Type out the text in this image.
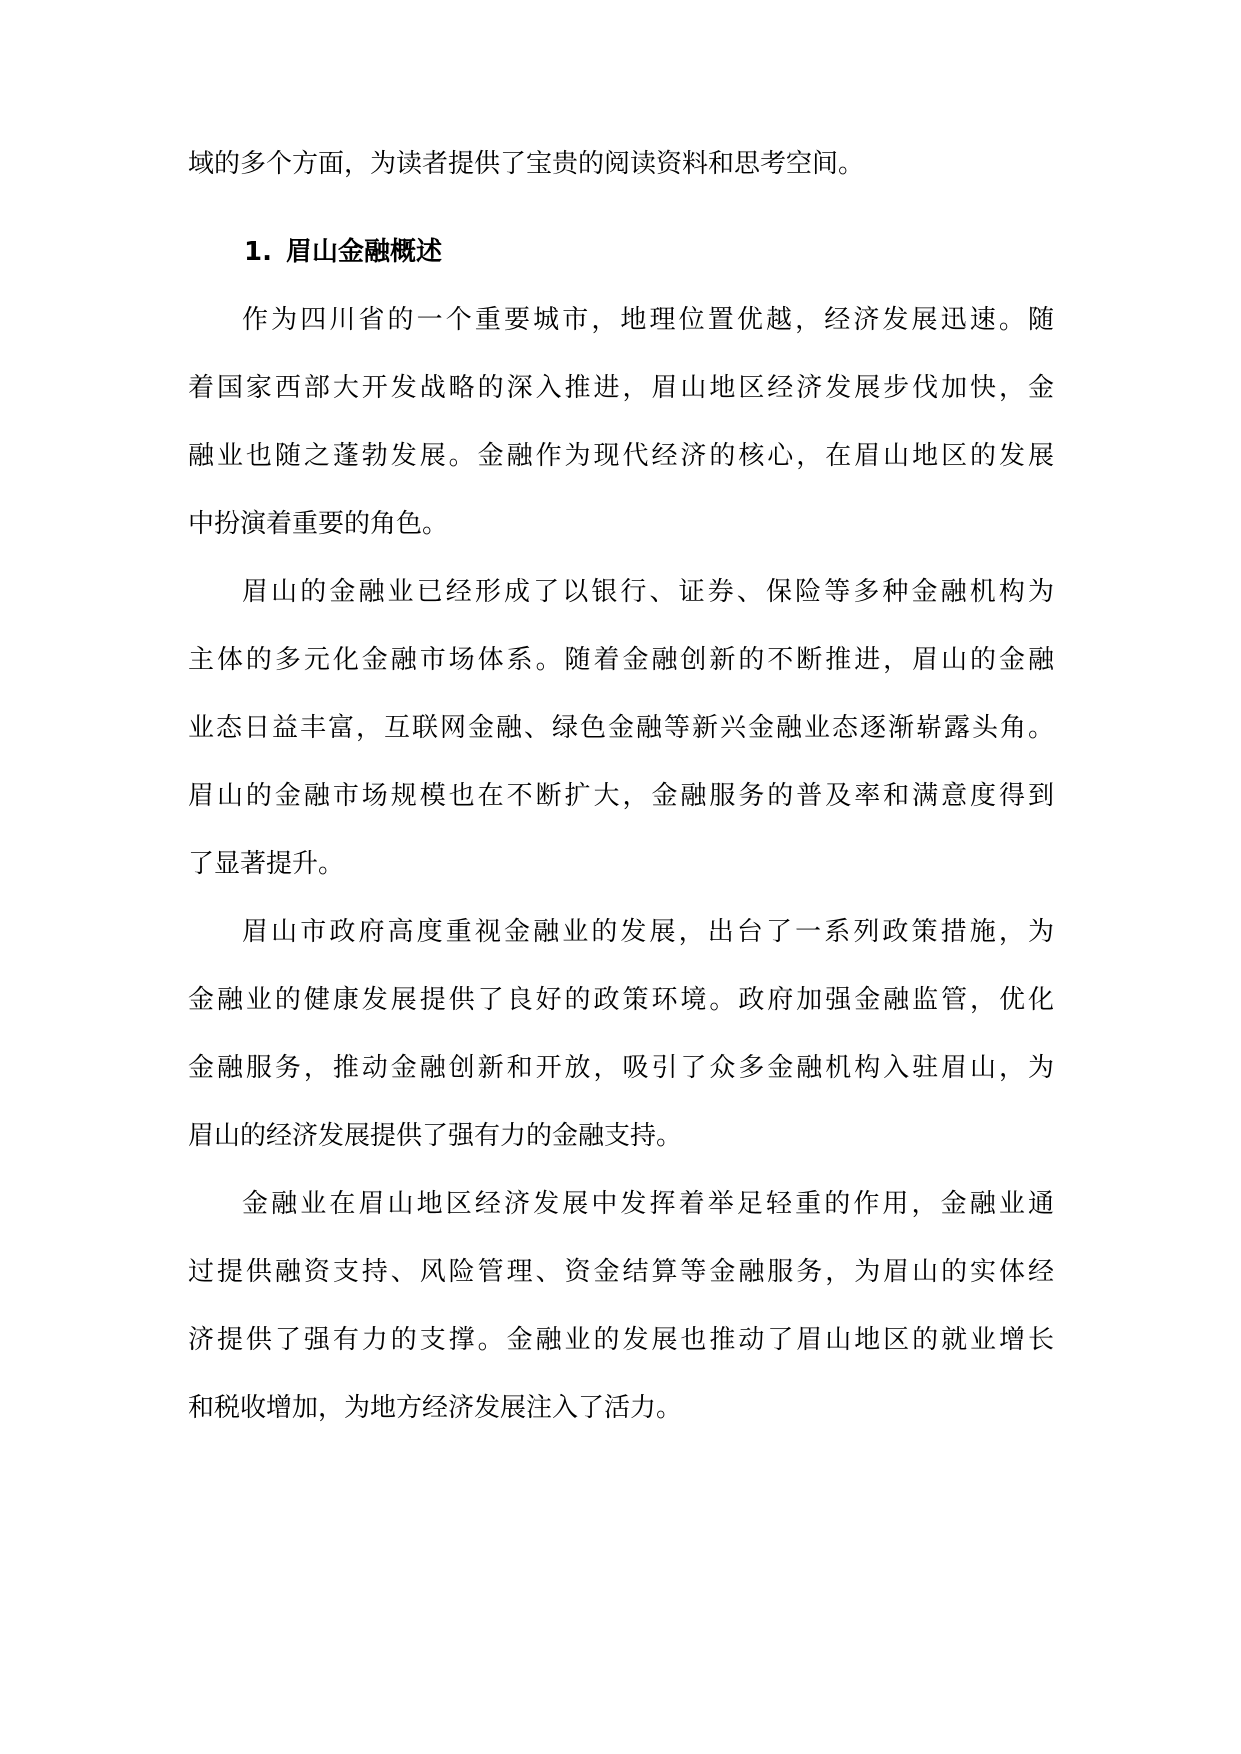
域的多个方面，为读者提供了宝贵的阅读资料和思考空间。
1. 眉山金融概述
作为四川省的一个重要城市，地理位置优越，经济发展迅速。随
着国家西部大开发战略的深入推进，眉山地区经济发展步伐加快，金
融业也随之蓬勃发展。金融作为现代经济的核心，在眉山地区的发展
中扮演着重要的角色。
眉山的金融业已经形成了以银行、证券、保险等多种金融机构为
主体的多元化金融市场体系。随着金融创新的不断推进，眉山的金融
业态日益丰富，互联网金融、绿色金融等新兴金融业态逐渐崭露头角。
眉山的金融市场规模也在不断扩大，金融服务的普及率和满意度得到
了显著提升。
眉山市政府高度重视金融业的发展，出台了一系列政策措施，为
金融业的健康发展提供了良好的政策环境。政府加强金融监管，优化
金融服务，推动金融创新和开放，吸引了众多金融机构入驻眉山，为
眉山的经济发展提供了强有力的金融支持。
金融业在眉山地区经济发展中发挥着举足轻重的作用，金融业通
过提供融资支持、风险管理、资金结算等金融服务，为眉山的实体经
济提供了强有力的支撑。金融业的发展也推动了眉山地区的就业增长
和税收增加，为地方经济发展注入了活力。
